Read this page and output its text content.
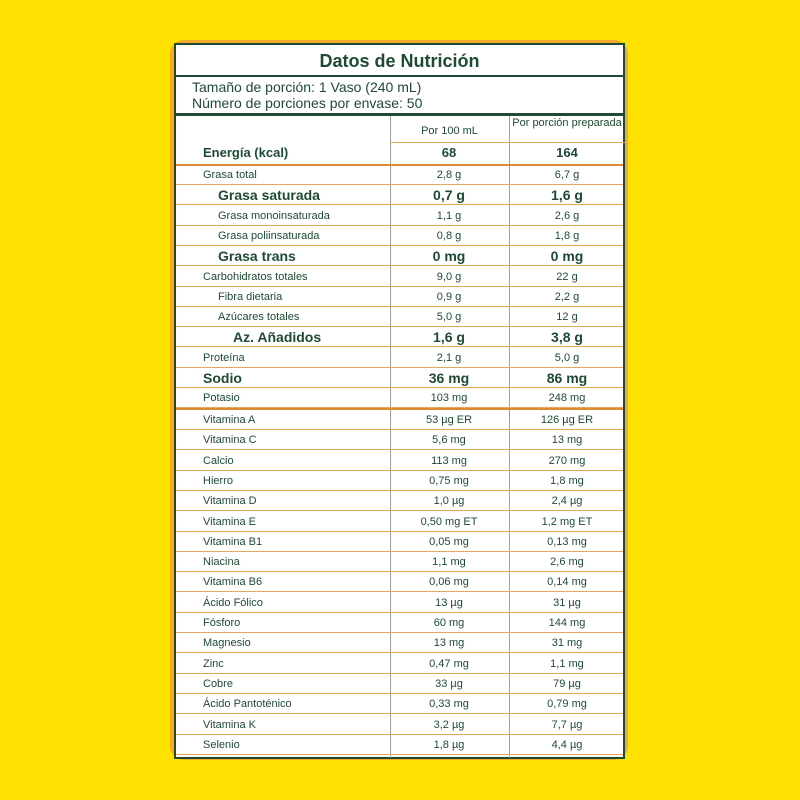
Datos de Nutrición
Tamaño de porción: 1 Vaso (240 mL)
Número de porciones por envase: 50
Por 100 mL
Por porción preparada
Energía (kcal)	68	164
Grasa total	2,8 g	6,7 g
Grasa saturada	0,7 g	1,6 g
Grasa monoinsaturada	1,1 g	2,6 g
Grasa poliinsaturada	0,8 g	1,8 g
Grasa trans	0 mg	0 mg
Carbohidratos totales	9,0 g	22 g
Fibra dietaria	0,9 g	2,2 g
Azúcares totales	5,0 g	12 g
Az. Añadidos	1,6 g	3,8 g
Proteína	2,1 g	5,0 g
Sodio	36 mg	86 mg
Potasio	103 mg	248 mg
Vitamina A	53 µg ER	126 µg ER
Vitamina C	5,6 mg	13 mg
Calcio	113 mg	270 mg
Hierro	0,75 mg	1,8 mg
Vitamina D	1,0 µg	2,4 µg
Vitamina E	0,50 mg ET	1,2 mg ET
Vitamina B1	0,05 mg	0,13 mg
Niacina	1,1 mg	2,6 mg
Vitamina B6	0,06 mg	0,14 mg
Ácido Fólico	13 µg	31 µg
Fósforo	60 mg	144 mg
Magnesio	13 mg	31 mg
Zinc	0,47 mg	1,1 mg
Cobre	33 µg	79 µg
Ácido Pantoténico	0,33 mg	0,79 mg
Vitamina K	3,2 µg	7,7 µg
Selenio	1,8 µg	4,4 µg
